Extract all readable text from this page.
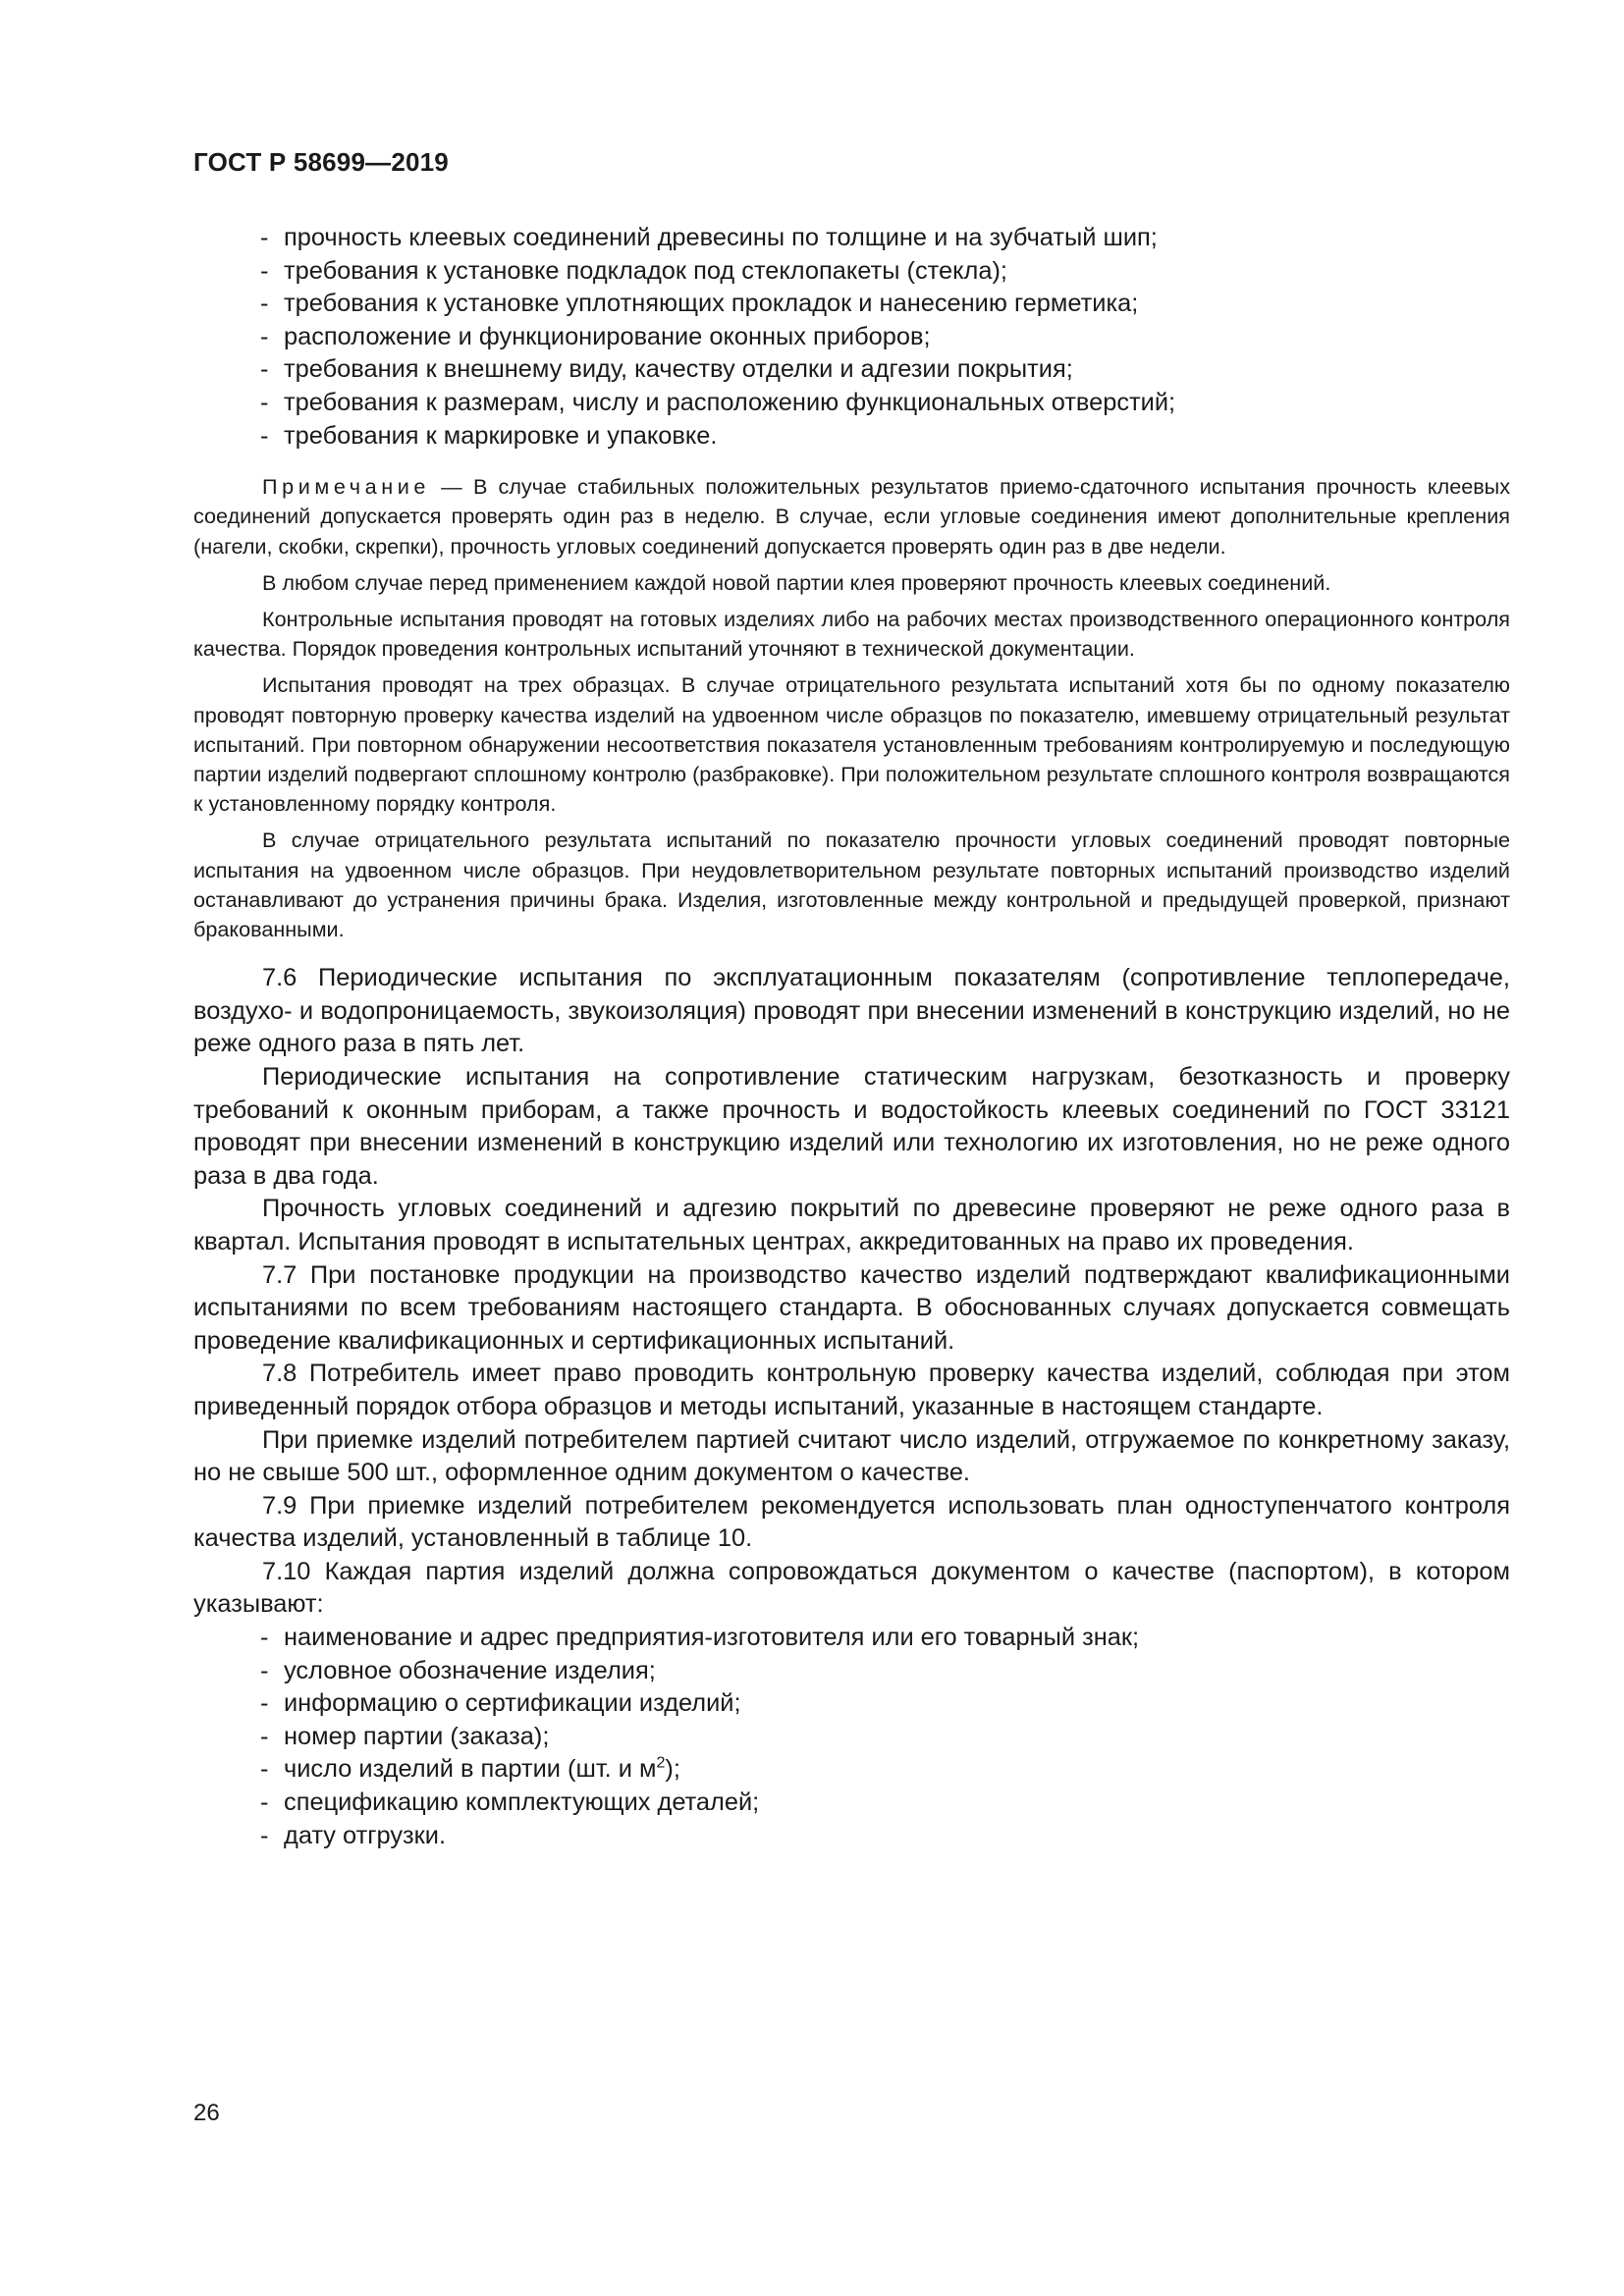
ГОСТ Р 58699—2019
- прочность клеевых соединений древесины по толщине и на зубчатый шип;
- требования к установке подкладок под стеклопакеты (стекла);
- требования к установке уплотняющих прокладок и нанесению герметика;
- расположение и функционирование оконных приборов;
- требования к внешнему виду, качеству отделки и адгезии покрытия;
- требования к размерам, числу и расположению функциональных отверстий;
- требования к маркировке и упаковке.

Примечание — В случае стабильных положительных результатов приемо-сдаточного испытания прочность клеевых соединений допускается проверять один раз в неделю. В случае, если угловые соединения имеют дополнительные крепления (нагели, скобки, скрепки), прочность угловых соединений допускается проверять один раз в две недели.

В любом случае перед применением каждой новой партии клея проверяют прочность клеевых соединений.

Контрольные испытания проводят на готовых изделиях либо на рабочих местах производственного операционного контроля качества. Порядок проведения контрольных испытаний уточняют в технической документации.

Испытания проводят на трех образцах. В случае отрицательного результата испытаний хотя бы по одному показателю проводят повторную проверку качества изделий на удвоенном числе образцов по показателю, имевшему отрицательный результат испытаний. При повторном обнаружении несоответствия показателя установленным требованиям контролируемую и последующую партии изделий подвергают сплошному контролю (разбраковке). При положительном результате сплошного контроля возвращаются к установленному порядку контроля.

В случае отрицательного результата испытаний по показателю прочности угловых соединений проводят повторные испытания на удвоенном числе образцов. При неудовлетворительном результате повторных испытаний производство изделий останавливают до устранения причины брака. Изделия, изготовленные между контрольной и предыдущей проверкой, признают бракованными.

7.6 Периодические испытания по эксплуатационным показателям (сопротивление теплопередаче, воздухо- и водопроницаемость, звукоизоляция) проводят при внесении изменений в конструкцию изделий, но не реже одного раза в пять лет.

Периодические испытания на сопротивление статическим нагрузкам, безотказность и проверку требований к оконным приборам, а также прочность и водостойкость клеевых соединений по ГОСТ 33121 проводят при внесении изменений в конструкцию изделий или технологию их изготовления, но не реже одного раза в два года.

Прочность угловых соединений и адгезию покрытий по древесине проверяют не реже одного раза в квартал. Испытания проводят в испытательных центрах, аккредитованных на право их проведения.

7.7 При постановке продукции на производство качество изделий подтверждают квалификационными испытаниями по всем требованиям настоящего стандарта. В обоснованных случаях допускается совмещать проведение квалификационных и сертификационных испытаний.

7.8 Потребитель имеет право проводить контрольную проверку качества изделий, соблюдая при этом приведенный порядок отбора образцов и методы испытаний, указанные в настоящем стандарте.

При приемке изделий потребителем партией считают число изделий, отгружаемое по конкретному заказу, но не свыше 500 шт., оформленное одним документом о качестве.

7.9 При приемке изделий потребителем рекомендуется использовать план одноступенчатого контроля качества изделий, установленный в таблице 10.

7.10 Каждая партия изделий должна сопровождаться документом о качестве (паспортом), в котором указывают:

- наименование и адрес предприятия-изготовителя или его товарный знак;
- условное обозначение изделия;
- информацию о сертификации изделий;
- номер партии (заказа);
- число изделий в партии (шт. и $м^2$);
- спецификацию комплектующих деталей;
- дату отгрузки.
26
